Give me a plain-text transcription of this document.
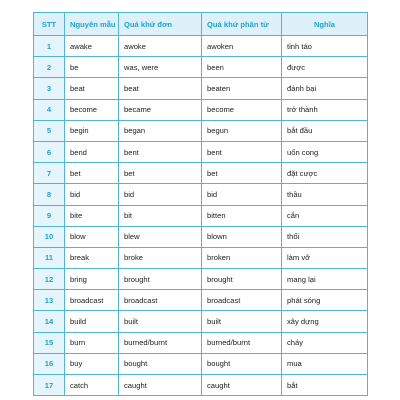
STT	Nguyên mẫu	Quá khứ đơn	Quá khứ phân từ	Nghĩa
1	awake	awoke	awoken	tỉnh táo
2	be	was, were	been	được
3	beat	beat	beaten	đánh bại
4	become	became	become	trở thành
5	begin	began	begun	bắt đầu
6	bend	bent	bent	uốn cong
7	bet	bet	bet	đặt cược
8	bid	bid	bid	thầu
9	bite	bit	bitten	cắn
10	blow	blew	blown	thổi
11	break	broke	broken	làm vỡ
12	bring	brought	brought	mang lại
13	broadcast	broadcast	broadcast	phát sóng
14	build	built	built	xây dựng
15	burn	burned/burnt	burned/burnt	cháy
16	buy	bought	bought	mua
17	catch	caught	caught	bắt
